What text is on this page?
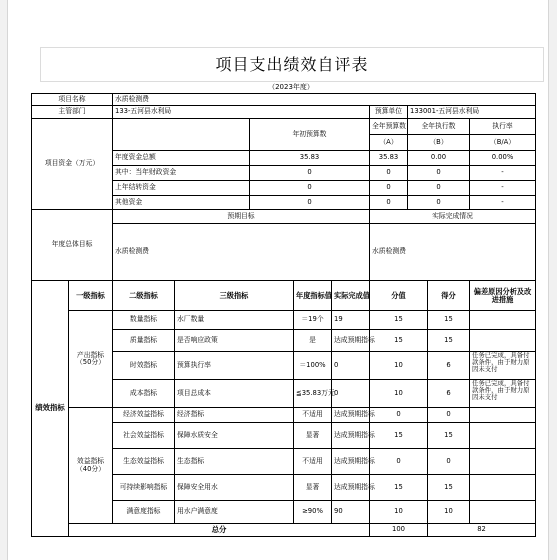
项目支出绩效自评表
（2023年度）
项目名称		水质检测费									
主管部门		133-五河县水利局					预算单位	133001-五河县水利局			
项目资金（万元）				年初预算数			全年预算数	全年执行数		执行率	
							（A）	（B）		（B/A）	
		年度资金总额		35.83			35.83	0.00		0.00%	
		其中：当年财政资金		0			0	0		-	
		上年结转资金		0			0	0		-	
		其他资金		0			0	0		-	
年度总体目标		预期目标					实际完成情况				
		水质检测费					水质检测费				
绩效指标	一级指标	二级指标	三级指标		年度指标值	实际完成值	分值		得分	偏差原因分析及改进措施	
	产出指标（50分）	数量指标	水厂数量		＝19个	19	15		15		
		质量指标	是否响应政策		是	达成预期指标	15		15		
		时效指标	预算执行率		＝100%	0	10		6	任务已完成，具备付款条件，由于财力原因未支付	
		成本指标	项目总成本		≦35.83万元	0	10		6	任务已完成，具备付款条件，由于财力原因未支付	
	效益指标（40分）	经济效益指标	经济指标		不适用	达成预期指标	0		0		
		社会效益指标	保障水质安全		显著	达成预期指标	15		15		
		生态效益指标	生态指标		不适用	达成预期指标	0		0		
		可持续影响指标	保障安全用水		显著	达成预期指标	15		15		
		满意度指标	用水户满意度		≥90%	90	10		10		
	总分						100		82		
